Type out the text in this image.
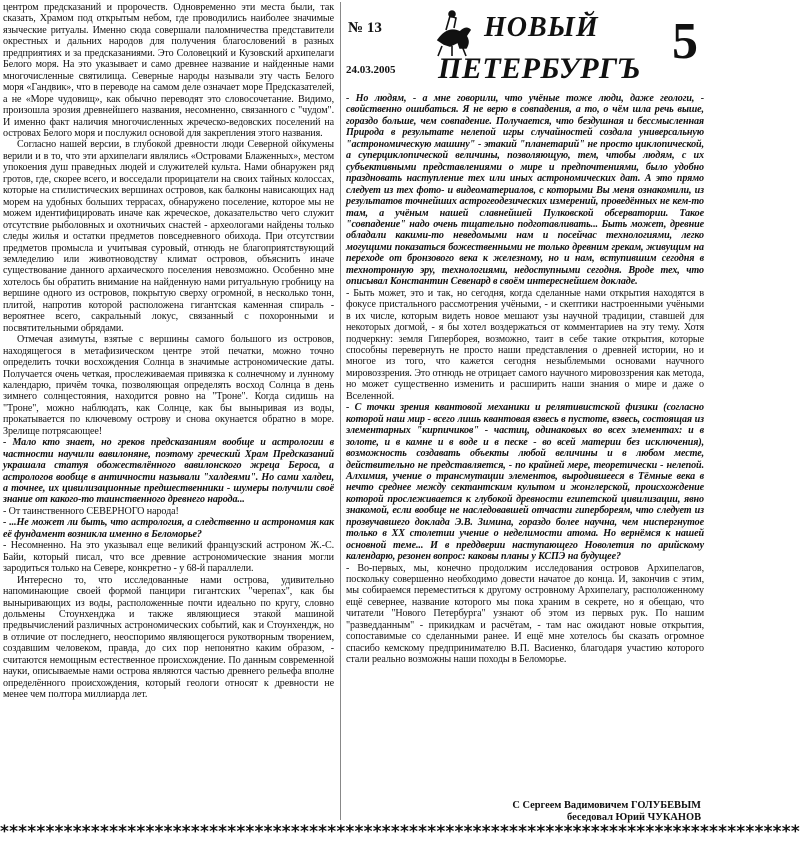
центром предсказаний и пророчеств. Одновременно эти места были, так сказать, Храмом под открытым небом, где проводились наиболее значимые языческие ритуалы. Именно сюда совершали паломничества представители окрестных и дальних народов для получения благословений в разных предприятиях и за предсказаниями. Это Соловецкий и Кузовский архипелаги Белого моря. На это указывает и само древнее название и найденные нами многочисленные святилища. Северные народы называли эту часть Белого моря «Гандвик», что в переводе на самом деле означает море Предсказателей, а не «Море чудовищ», как обычно переводят это словосочетание. Видимо, произошла эрозия древнейшего названия, несомненно, связанного с "чудом". И именно факт наличия многочисленных жречеcко-ведовских поселений на островах Белого моря и послужил основой для закрепления этого названия.

Согласно нашей версии, в глубокой древности люди Северной ойкумены верили и в то, что эти архипелаги являлись «Островами Блаженных», местом упокоения душ праведных людей и служителей культа. Нами обнаружен ряд гротов, где, скорее всего, и восседали прорицатели на своих тайных колоссах, которые на стилистических вершинах островов, как балконы нависающих над морем на удобных больших террасах, обнаружено поселение, которое мы не можем идентифицировать иначе как жреческое, доказательство чего служит отсутствие рыболовных и охотничьих снастей - археологами найдены только следы жилья и остатки предметов повседневного обихода. При отсутствии предметов промысла и учитывая суровый, отнюдь не благоприятствующий земледелию или животноводству климат островов, объяснить иначе существование данного архаического поселения невозможно. Особенно мне хотелось бы обратить внимание на найденную нами ритуальную гробницу на вершине одного из островов, покрытую сверху огромной, в несколько тонн, плитой, напротив которой расположена гигантская каменная спираль - вероятнее всего, сакральный локус, связанный с похоронными и посвятительными обрядами.

Отмечая азимуты, взятые с вершины самого большого из островов, находящегося в метафизическом центре этой печатки, можно точно определить точки восхождения Солнца в значимые астрономические даты. Получается очень четкая, прослеживаемая привязка к солнечному и лунному календарю, причём точка, позволяющая определять восход Солнца в день зимнего солнцестояния, находится ровно на "Троне". Когда сидишь на "Троне", можно наблюдать, как Солнце, как бы выныривая из воды, прокатывается по ключевому острову и снова окунается обратно в море. Зрелище потрясающее!

- Мало кто знает, но греков предсказаниям вообще и астрологии в частности научили вавилоняне, поэтому греческий Храм Предсказаний украшала статуя обожествлённого вавилонского жреца Бероса, а астрологов вообще в античности называли "халдеями". Но сами халдеи, а точнее, их цивилизационные предшественники - шумеры получили своё знание от какого-то таинственного древнего народа...

- От таинственного СЕВЕРНОГО народа!

- ...Не может ли быть, что астрология, а следственно и астрономия как её фундамент возникла именно в Беломорье?

- Несомненно. На это указывал еще великий французский астроном Ж.-С. Байи, который писал, что все древние астрономические знания могли зародиться только на Севере, конкретно - у 68-й параллели.

Интересно то, что исследованные нами острова, удивительно напоминающие своей формой панцири гигантских "черепах", как бы выныривающих из воды, расположенные почти идеально по кругу, словно дольмены Стоунхенджа и также являющиеся этакой машиной предвычислений различных астрономических событий, как и Стоунхендж, но в отличие от последнего, неоспоримо являющегося рукотворным творением, создавшим человеком, правда, до сих пор непонятно каким образом, - считаются немощным естественное происхождение. По данным современной науки, описываемые нами острова являются частью древнего рельефа вполне определённого происхождения, который геологи относят к древности не менее чем полтора миллиарда лет.

№ 13
24.03.2005
НОВЫЙ
ПЕТЕРБУРГЪ 5

- Но людям, - а мне говорили, что учёные тоже люди, даже геологи, - свойственно ошибаться. Я не верю в совпадения, а то, о чём шла речь выше, гораздо больше, чем совпадение. Получается, что бездушная и бессмысленная Природа в результате нелепой игры случайностей создала универсальную "астрономическую машину" - этакий "планетарий" не просто циклопической, а суперциклопической величины, позволяющую, тем, чтобы людям, с их субъективными представлениями о мире и предпочтениями, было удобно праздновать наступление тех или иных астрономических дат. А это прямо следует из тех фото- и видеоматериалов, с которыми Вы меня ознакомили, из результатов точнейших астрогеодезических измерений, проведённых не кем-то там, а учёным нашей славнейшей Пулковской обсерватории. Такое "совпадение" надо очень тщательно подготавливать... Быть может, древние обладали какими-то неведомыми нам и посейчас технологиями, легко могущими показаться божественными не только древним грекам, живущим на переходе от бронзового века к железному, но и нам, вступившим сегодня в технотронную эру, технологиями, недоступными сегодня. Вроде тех, что описывал Константин Севенард в своём интереснейшем докладе.

- Быть может, это и так, но сегодня, когда сделанные нами открытия находятся в фокусе пристального рассмотрения учёными, - и скептики настроенными учёными в их числе, которым видеть новое мешают узы научной традиции, ставшей для некоторых догмой, - я бы хотел воздержаться от комментариев на эту тему. Хотя подчеркну: земля Гиперборея, возможно, таит в себе такие открытия, которые способны перевернуть не просто наши представления о древней истории, но и многое из того, что кажется сегодня незыблемыми основами научного мировоззрения. Это отнюдь не отрицает самого научного мировоззрения как метода, но может существенно изменить и расширить наши знания о мире и даже о Вселенной.

- С точки зрения квантовой механики и релятивистской физики (согласно которой наш мир - всего лишь квантовая взвесь в пустоте, взвесь, состоящая из элементарных "кирпичиков" - частиц, одинаковых во всех элементах: и в золоте, и в камне и в воде и в песке - во всей материи без исключения), возможность создавать объекты любой величины и в любом месте, действительно не представляется, - по крайней мере, теоретически - нелепой. Алхимия, учение о трансмутации элементов, выродившееся в Тёмные века в нечто среднее между сектантским культом и жонглерской, происхождение которой прослеживается к глубокой древности египетской цивилизации, явно знакомой, если вообще не наследовавшей отчасти гипербореям, что следует из прозвучавшего доклада Э.В. Зимина, гораздо более научна, чем ниспергнутое только в XX столетии учение о неделимости атома. Но вернёмся к нашей основной теме... И в преддверии наступающего Новолетия по арийскому календарю, резонен вопрос: каковы планы у КСПЭ на будущее?

- Во-первых, мы, конечно продолжим исследования островов Архипелагов, поскольку совершенно необходимо довести начатое до конца. И, закончив с этим, мы собираемся переместиться к другому островному Архипелагу, расположенному ещё севернее, название которого мы пока храним в секрете, но я обещаю, что читатели "Нового Петербурга" узнают об этом из первых рук. По нашим "разведданным" - прикидкам и расчётам, - там нас ожидают новые открытия, сопоставимые со сделанными ранее. И ещё мне хотелось бы сказать огромное спасибо кемскому предпринимателю В.П. Васиенко, благодаря участию которого стали реально возможны наши походы в Беломорье.

С Сергеем Вадимовичем ГОЛУБЕВЫМ
беседовал Юрий ЧУКАНОВ
****************************************************************************************
